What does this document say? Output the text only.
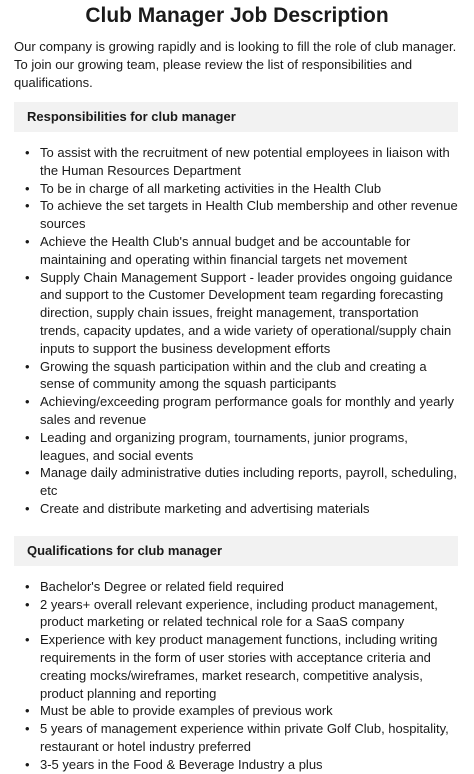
Club Manager Job Description

Our company is growing rapidly and is looking to fill the role of club manager. To join our growing team, please review the list of responsibilities and qualifications.

Responsibilities for club manager
• To assist with the recruitment of new potential employees in liaison with the Human Resources Department
• To be in charge of all marketing activities in the Health Club
• To achieve the set targets in Health Club membership and other revenue sources
• Achieve the Health Club's annual budget and be accountable for maintaining and operating within financial targets net movement
• Supply Chain Management Support - leader provides ongoing guidance and support to the Customer Development team regarding forecasting direction, supply chain issues, freight management, transportation trends, capacity updates, and a wide variety of operational/supply chain inputs to support the business development efforts
• Growing the squash participation within and the club and creating a sense of community among the squash participants
• Achieving/exceeding program performance goals for monthly and yearly sales and revenue
• Leading and organizing program, tournaments, junior programs, leagues, and social events
• Manage daily administrative duties including reports, payroll, scheduling, etc
• Create and distribute marketing and advertising materials
Qualifications for club manager
• Bachelor's Degree or related field required
• 2 years+ overall relevant experience, including product management, product marketing or related technical role for a SaaS company
• Experience with key product management functions, including writing requirements in the form of user stories with acceptance criteria and creating mocks/wireframes, market research, competitive analysis, product planning and reporting
• Must be able to provide examples of previous work
• 5 years of management experience within private Golf Club, hospitality, restaurant or hotel industry preferred
• 3-5 years in the Food & Beverage Industry a plus
